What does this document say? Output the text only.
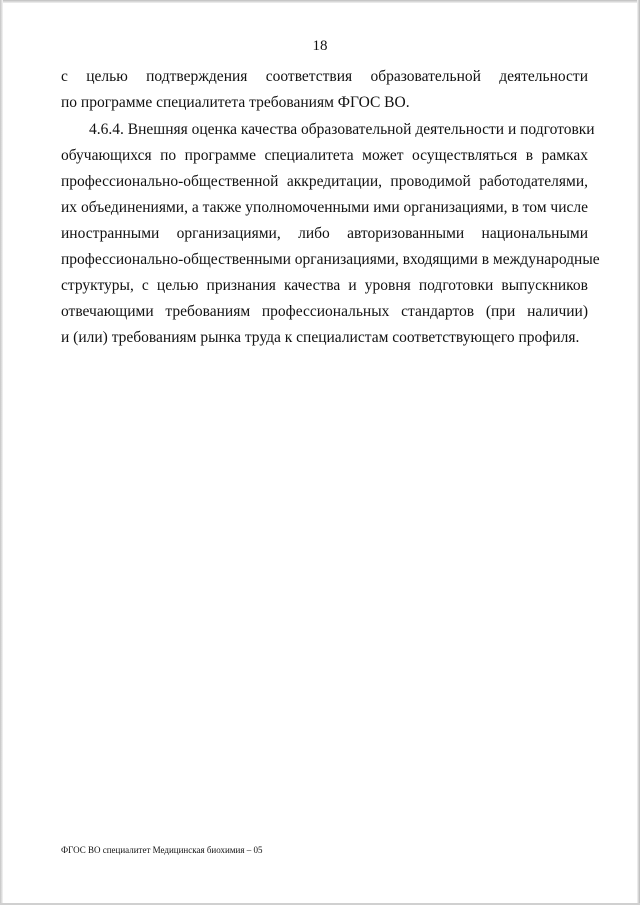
18
с целью подтверждения соответствия образовательной деятельности
по программе специалитета требованиям ФГОС ВО.
4.6.4. Внешняя оценка качества образовательной деятельности и подготовки
обучающихся по программе специалитета может осуществляться в рамках
профессионально-общественной аккредитации, проводимой работодателями,
их объединениями, а также уполномоченными ими организациями, в том числе
иностранными организациями, либо авторизованными национальными
профессионально-общественными организациями, входящими в международные
структуры, с целью признания качества и уровня подготовки выпускников
отвечающими требованиям профессиональных стандартов (при наличии)
и (или) требованиям рынка труда к специалистам соответствующего профиля.
ФГОС ВО специалитет Медицинская биохимия – 05
